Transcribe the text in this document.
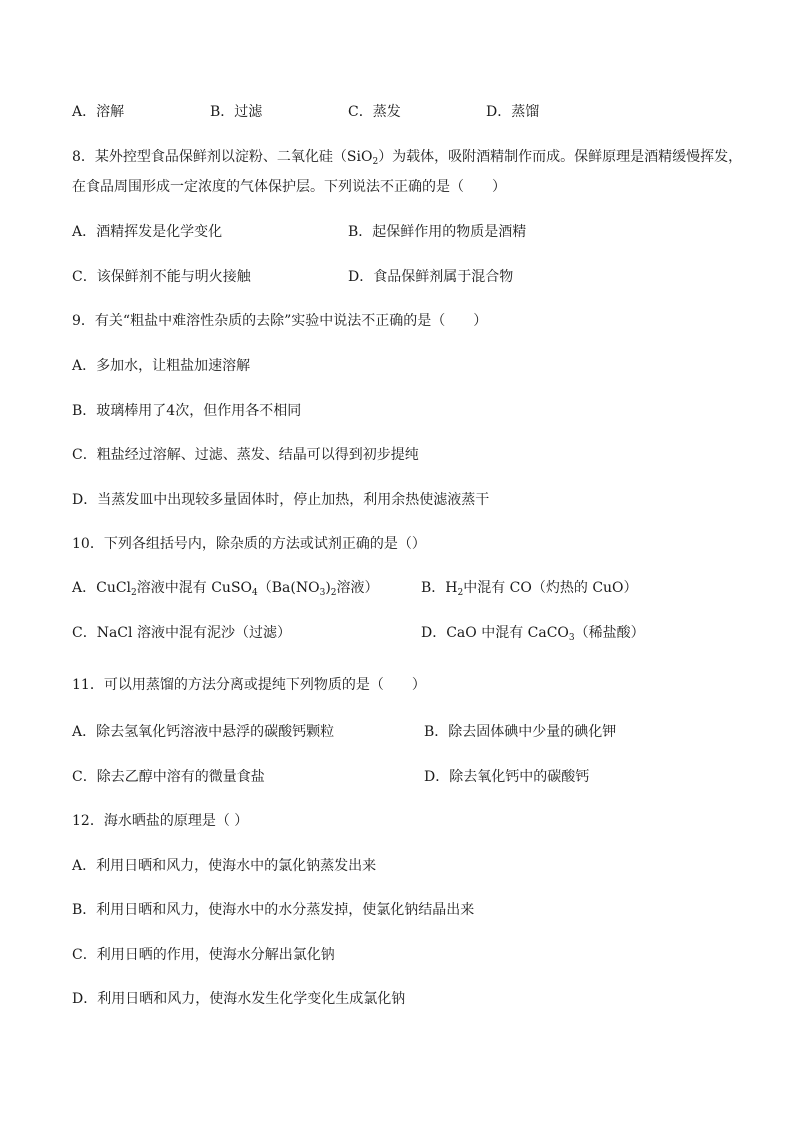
A．溶解	B．过滤	C．蒸发	D．蒸馏
8．某外控型食品保鲜剂以淀粉、二氧化硅（SiO$_2$）为载体，吸附酒精制作而成。保鲜原理是酒精缓慢挥发，
在食品周围形成一定浓度的气体保护层。下列说法不正确的是（　　）
A．酒精挥发是化学变化	B．起保鲜作用的物质是酒精
C．该保鲜剂不能与明火接触	D．食品保鲜剂属于混合物
9．有关“粗盐中难溶性杂质的去除”实验中说法不正确的是（　　）
A．多加水，让粗盐加速溶解
B．玻璃棒用了4次，但作用各不相同
C．粗盐经过溶解、过滤、蒸发、结晶可以得到初步提纯
D．当蒸发皿中出现较多量固体时，停止加热，利用余热使滤液蒸干
10．下列各组括号内，除杂质的方法或试剂正确的是（）
A．CuCl$_2$溶液中混有 $CuSO_4(Ba(NO_3)_2$溶液）	B．$H_2$中混有 CO（灼热的 CuO）
C．NaCl 溶液中混有泥沙（过滤）	D．CaO 中混有 CaCO$_3$（稀盐酸）
11．可以用蒸馏的方法分离或提纯下列物质的是（　　）
A．除去氢氧化钙溶液中悬浮的碳酸钙颗粒	B．除去固体碘中少量的碘化钾
C．除去乙醇中溶有的微量食盐	D．除去氧化钙中的碳酸钙
12．海水晒盐的原理是（ ）
A．利用日晒和风力，使海水中的氯化钠蒸发出来
B．利用日晒和风力，使海水中的水分蒸发掉，使氯化钠结晶出来
C．利用日晒的作用，使海水分解出氯化钠
D．利用日晒和风力，使海水发生化学变化生成氯化钠
